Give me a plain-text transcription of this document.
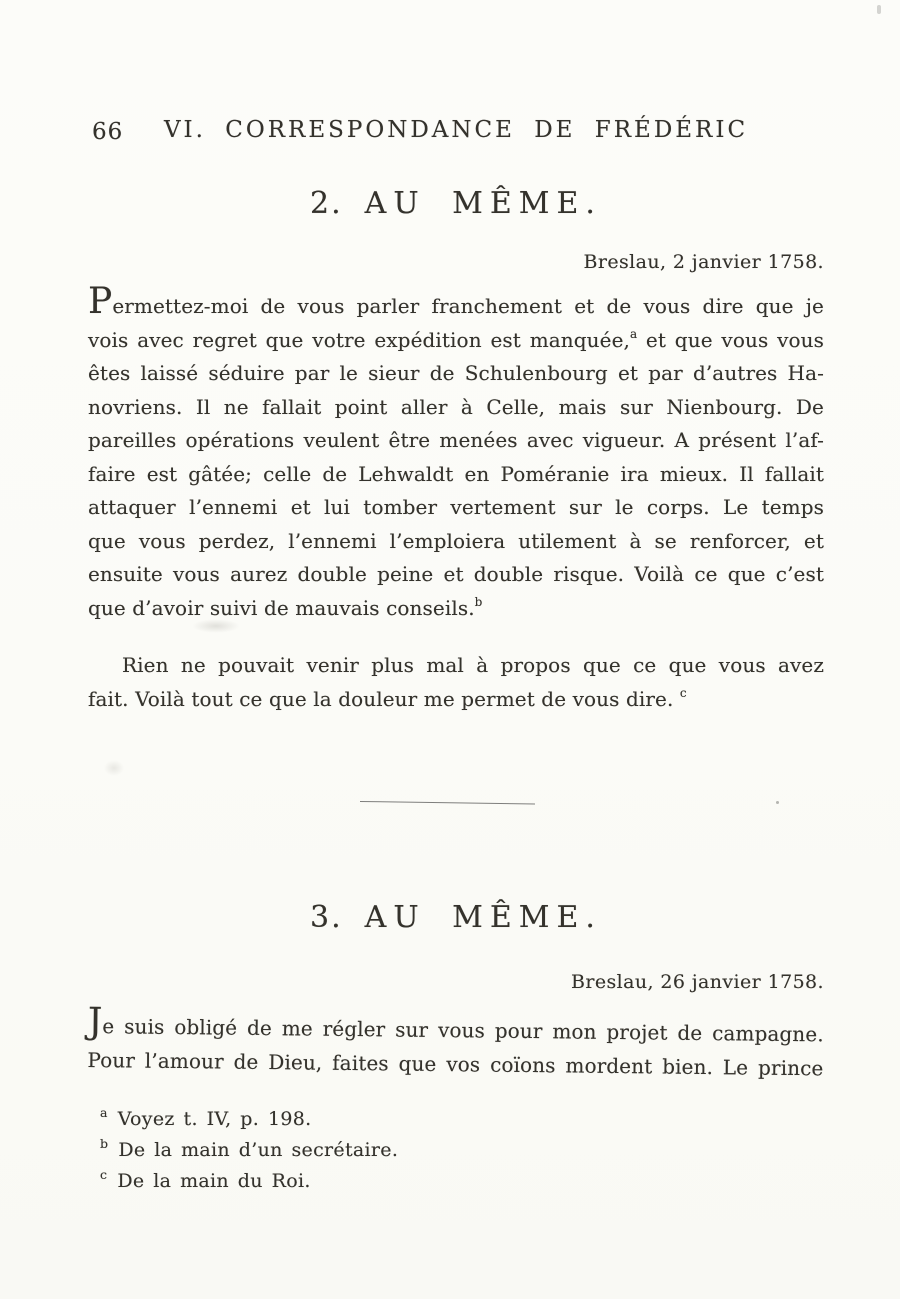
66	VI. CORRESPONDANCE DE FRÉDÉRIC
2. AU MÊME.
Breslau, 2 janvier 1758.
Permettez-moi de vous parler franchement et de vous dire que je
vois avec regret que votre expédition est manquée,$^a$ et que vous vous
êtes laissé séduire par le sieur de Schulenbourg et par d’autres Ha-
novriens. Il ne fallait point aller à Celle, mais sur Nienbourg. De
pareilles opérations veulent être menées avec vigueur. A présent l’af-
faire est gâtée; celle de Lehwaldt en Poméranie ira mieux. Il fallait
attaquer l’ennemi et lui tomber vertement sur le corps. Le temps
que vous perdez, l’ennemi l’emploiera utilement à se renforcer, et
ensuite vous aurez double peine et double risque. Voilà ce que c’est
que d’avoir suivi de mauvais conseils.$^b$
Rien ne pouvait venir plus mal à propos que ce que vous avez
fait. Voilà tout ce que la douleur me permet de vous dire. $^c$
3. AU MÊME.
Breslau, 26 janvier 1758.
Je suis obligé de me régler sur vous pour mon projet de campagne.
Pour l’amour de Dieu, faites que vos coïons mordent bien. Le prince
$^a$ Voyez t. IV, p. 198.
$^b$ De la main d’un secrétaire.
$^c$ De la main du Roi.
